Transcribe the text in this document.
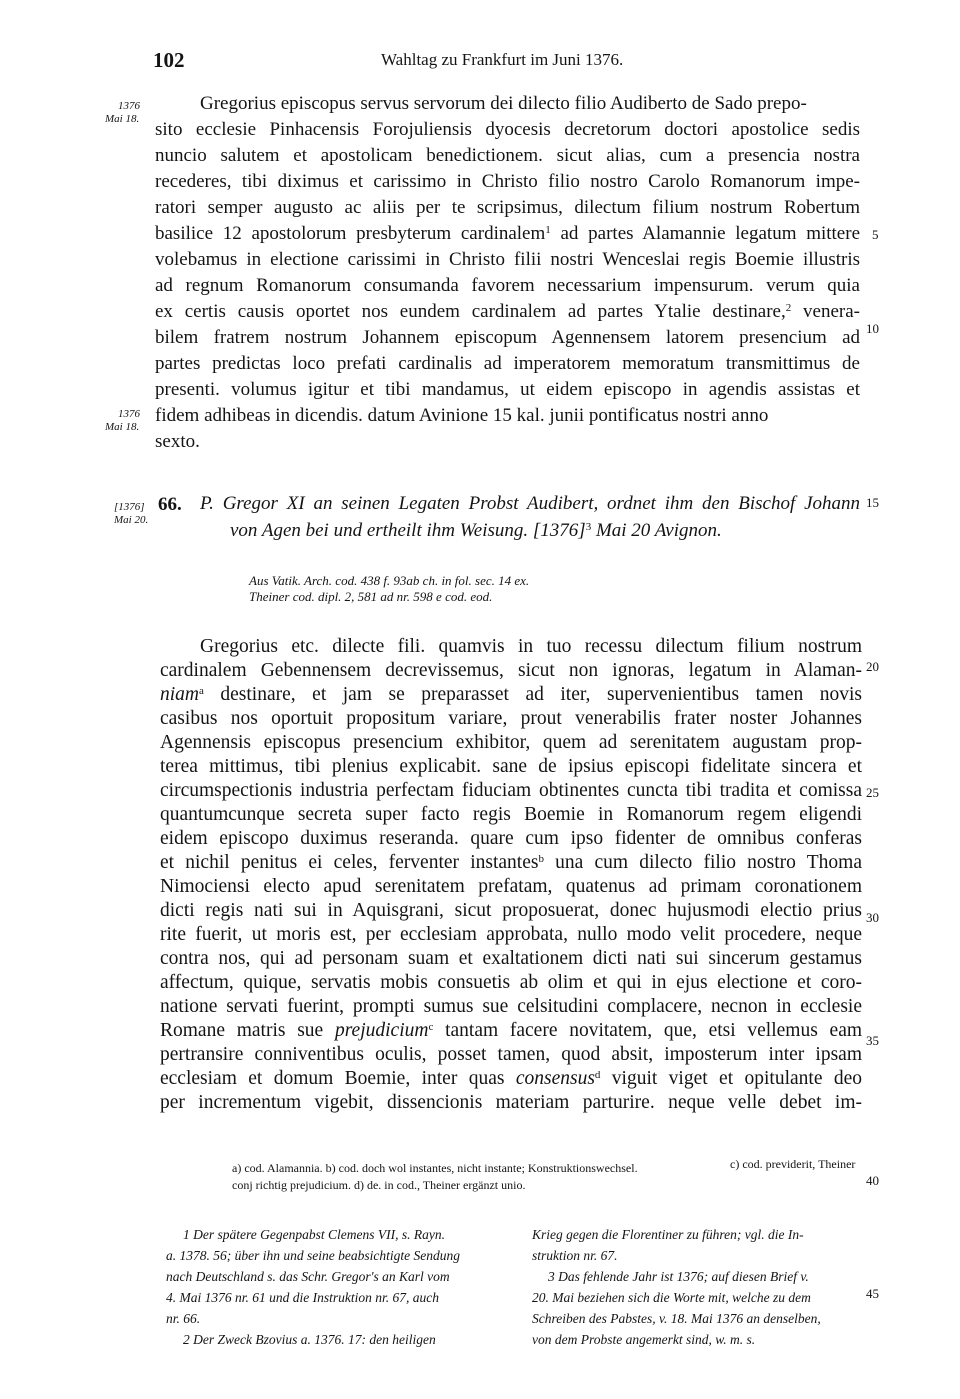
102	Wahltag zu Frankfurt im Juni 1376.
1376
Mai 18.
Gregorius episcopus servus servorum dei dilecto filio Audiberto de Sado prepo-
sito ecclesie Pinhacensis Forojuliensis dyocesis decretorum doctori apostolice sedis
nuncio salutem et apostolicam benedictionem. sicut alias, cum a presencia nostra
recederes, tibi diximus et carissimo in Christo filio nostro Carolo Romanorum impe-
ratori semper augusto ac aliis per te scripsimus, dilectum filium nostrum Robertum
basilice 12 apostolorum presbyterum cardinalem$^1$ ad partes Alamannie legatum mittere
volebamus in electione carissimi in Christo filii nostri Wenceslai regis Boemie illustris
ad regnum Romanorum consumanda favorem necessarium impensurum. verum quia
ex certis causis oportet nos eundem cardinalem ad partes Ytalie destinare,$^2$ venera-
bilem fratrem nostrum Johannem episcopum Agennensem latorem presencium ad
partes predictas loco prefati cardinalis ad imperatorem memoratum transmittimus de
presenti. volumus igitur et tibi mandamus, ut eidem episcopo in agendis assistas et
fidem adhibeas in dicendis. datum Avinione 15 kal. junii pontificatus nostri anno
sexto.
1376
Mai 18.
5
10
15
20
25
30
35
40
45
[1376]
Mai 20.
66. P. Gregor XI an seinen Legaten Probst Audibert, ordnet ihm den Bischof Johann
von Agen bei und ertheilt ihm Weisung. $[1376]^3$ Mai 20 Avignon.
Aus Vatik. Arch. cod. 438 f. 93ab ch. in fol. sec. 14 ex.
Theiner cod. dipl. 2, 581 ad nr. 598 e cod. eod.
Gregorius etc. dilecte fili. quamvis in tuo recessu dilectum filium nostrum
cardinalem Gebennensem decrevissemus, sicut non ignoras, legatum in Alaman-
niam$^a$ destinare, et jam se preparasset ad iter, supervenientibus tamen novis
casibus nos oportuit propositum variare, prout venerabilis frater noster Johannes
Agennensis episcopus presencium exhibitor, quem ad serenitatem augustam prop-
terea mittimus, tibi plenius explicabit. sane de ipsius episcopi fidelitate sincera et
circumspectionis industria perfectam fiduciam obtinentes cuncta tibi tradita et comissa
quantumcunque secreta super facto regis Boemie in Romanorum regem eligendi
eidem episcopo duximus reseranda. quare cum ipso fidenter de omnibus conferas
et nichil penitus ei celes, ferventer instantes$^b$ una cum dilecto filio nostro Thoma
Nimociensi electo apud serenitatem prefatam, quatenus ad primam coronationem
dicti regis nati sui in Aquisgrani, sicut proposuerat, donec hujusmodi electio prius
rite fuerit, ut moris est, per ecclesiam approbata, nullo modo velit procedere, neque
contra nos, qui ad personam suam et exaltationem dicti nati sui sincerum gestamus
affectum, quique, servatis mobis consuetis ab olim et qui in ejus electione et coro-
natione servati fuerint, prompti sumus sue celsitudini complacere, necnon in ecclesie
Romane matris sue prejudicium$^c$ tantam facere novitatem, que, etsi vellemus eam
pertransire conniventibus oculis, posset tamen, quod absit, imposterum inter ipsam
ecclesiam et domum Boemie, inter quas consensus$^d$ viguit viget et opitulante deo
per incrementum vigebit, dissencionis materiam parturire. neque velle debet im-
a) cod. Alamannia. b) cod. doch wol instantes, nicht instante; Konstruktionswechsel.	c) cod. previderit, Theiner
conj richtig prejudicium. d) de. in cod., Theiner ergänzt unio.
1 Der spätere Gegenpabst Clemens VII, s. Rayn.
a. 1378. 56; über ihn und seine beabsichtigte Sendung
nach Deutschland s. das Schr. Gregor's an Karl vom
4. Mai 1376 nr. 61 und die Instruktion nr. 67, auch
nr. 66.
2 Der Zweck Bzovius a. 1376. 17: den heiligen
Krieg gegen die Florentiner zu führen; vgl. die In-
struktion nr. 67.
3 Das fehlende Jahr ist 1376; auf diesen Brief v.
20. Mai beziehen sich die Worte mit, welche zu dem
Schreiben des Pabstes, v. 18. Mai 1376 an denselben,
von dem Probste angemerkt sind, w. m. s.
